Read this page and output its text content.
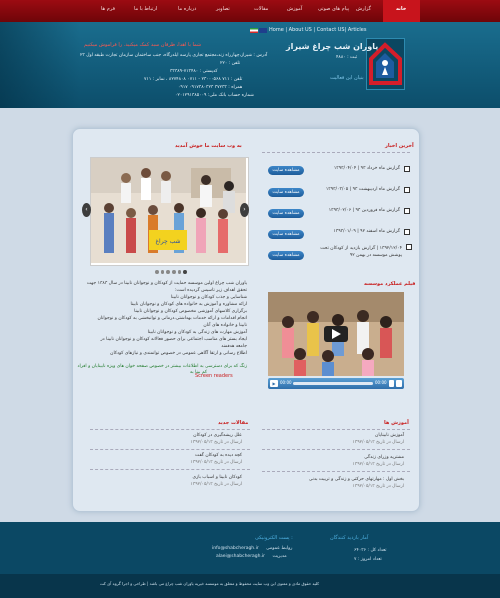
فرم ها	ارتباط با ما	درباره ما	تصاویر	مقالات	آموزش	پیام های صوتی گزارش	خانه
یاوران شب چراغ شیراز
ثبت : ۴۸۸۰
بنیان این فعالیت
Home | About US | Contact US| Articles
شما با اهدا، ظرفان سبد کمک میکنید. را فراموش میکنیم
آدرس : شیراز،چهارراه زند،مجتمع تجاری پارسه ایلدرگاه، جنب ساختمان سازمان تجارت طبقه اول ۲۳
تلفن : ۲۲۰
کدپستی : ۷۱۳۴۸۰-۳۳۳۸۹
تلفن : ۷۱۱ ۲۳۰۰۰۵۶۸ - ۰۷۱۱ ۸۲۷۴۸۰۸ ، نمابر : ۷۱۱
همراه : ۳۷۲۳۳ ۰۹۱۷۳۸۰۳۲۳ ۰۹۱۷
شماره حساب بانک ملی: ۰۲۰۱۲۹۱۳۸۵۰۰۹
به وب سایت ما خوش آمدید
شب چراغ
‹	›
یاوران شب چراغ اولین موسسه حمایت از کودکان و نوجوانان نابینا در سال ۱۳۸۳ جهت
تحقق اهداف زیر تاسیس گردیده است:
شناسایی و جذب کودکان و نوجوانان نابینا
ارائه مشاوره و آموزش به خانواده های کودکان و نوجوانان نابینا
برگزاری کلاسهای آموزشی مخصوص کودکان و نوجوانان نابینا
انجام اقدامات و ارائه خدمات بهداشتی،درمانی و توانبخشی به کودکان و نوجوانان
نابینا و خانواده های آنان
آموزش مهارت های زندگی به کودکان و نوجوانان نابینا
ایجاد بستر های مناسب اجتماعی برای حضور فعالانه کودکان و نوجوانان نابینا در
جامعه هدفمند
اطلاع رسانی و ارتقا آگاهی عمومی در خصوص توانمندی و نیازهای کودکان
زنگ که برای دسترسی به اطلاعات بیشتر در خصوص صفحه خوان های ویژه نابینایان و افراد
کم بینا به
Screen readers
آخرین اخبار
گزارش ماه خرداد ۹۳ | ۱۳۹۳/۰۴/۰۴
مشاهده سایت
گزارش ماه اردیبهشت ۹۳ | ۱۳۹۳/۰۳/۰۵
مشاهده سایت
گزارش ماه فروردین ۹۳ | ۱۳۹۳/۰۲/۰۶
مشاهده سایت
گزارش ماه اسفند ۹۲ | ۱۳۹۳/۰۱/۰۹
مشاهده سایت
۱۳۹۲/۱۲/۰۴ | گزارش بازدید از کودکان تحت پوشش موسسه در بهمن ۹۲
مشاهده سایت
فیلم عملکرد موسسه
▶	00:00	00:00
مقالات جدید
علل ریشه‌گیری در کودکان
ارسال در تاریخ ۱۳۹۲/۰۵/۱۳
کچه دیده به کودکان گفت
ارسال در تاریخ ۱۳۹۲/۰۵/۱۳
کودکان نابینا و اسباب بازی
ارسال در تاریخ ۱۳۹۲/۰۵/۱۳
آموزش ها
آموزش نابینایان
ارسال در تاریخ ۱۳۹۲/۰۵/۱۳
مشتریه وزرای زندگی
ارسال در تاریخ ۱۳۹۲/۰۵/۱۳
بخش اول : مهارتهای حرکتی و زندگی و تربیت بدنی
ارسال در تاریخ ۱۳۹۲/۰۵/۱۳
آمار بازدید کنندگان
تعداد کل : ۶۴۰۳۶
تعداد امروز : ۷
پست الکترونیکی :
info@shabcheragh.ir روابط عمومی
alaei@shabcheragh.ir مدیریت
کلیه حقوق مادی و معنوی این وب سایت محفوظ و متعلق به موسسه خیریه یاوران شب چراغ می باشد | طراحی و اجرا گروه آی کت
